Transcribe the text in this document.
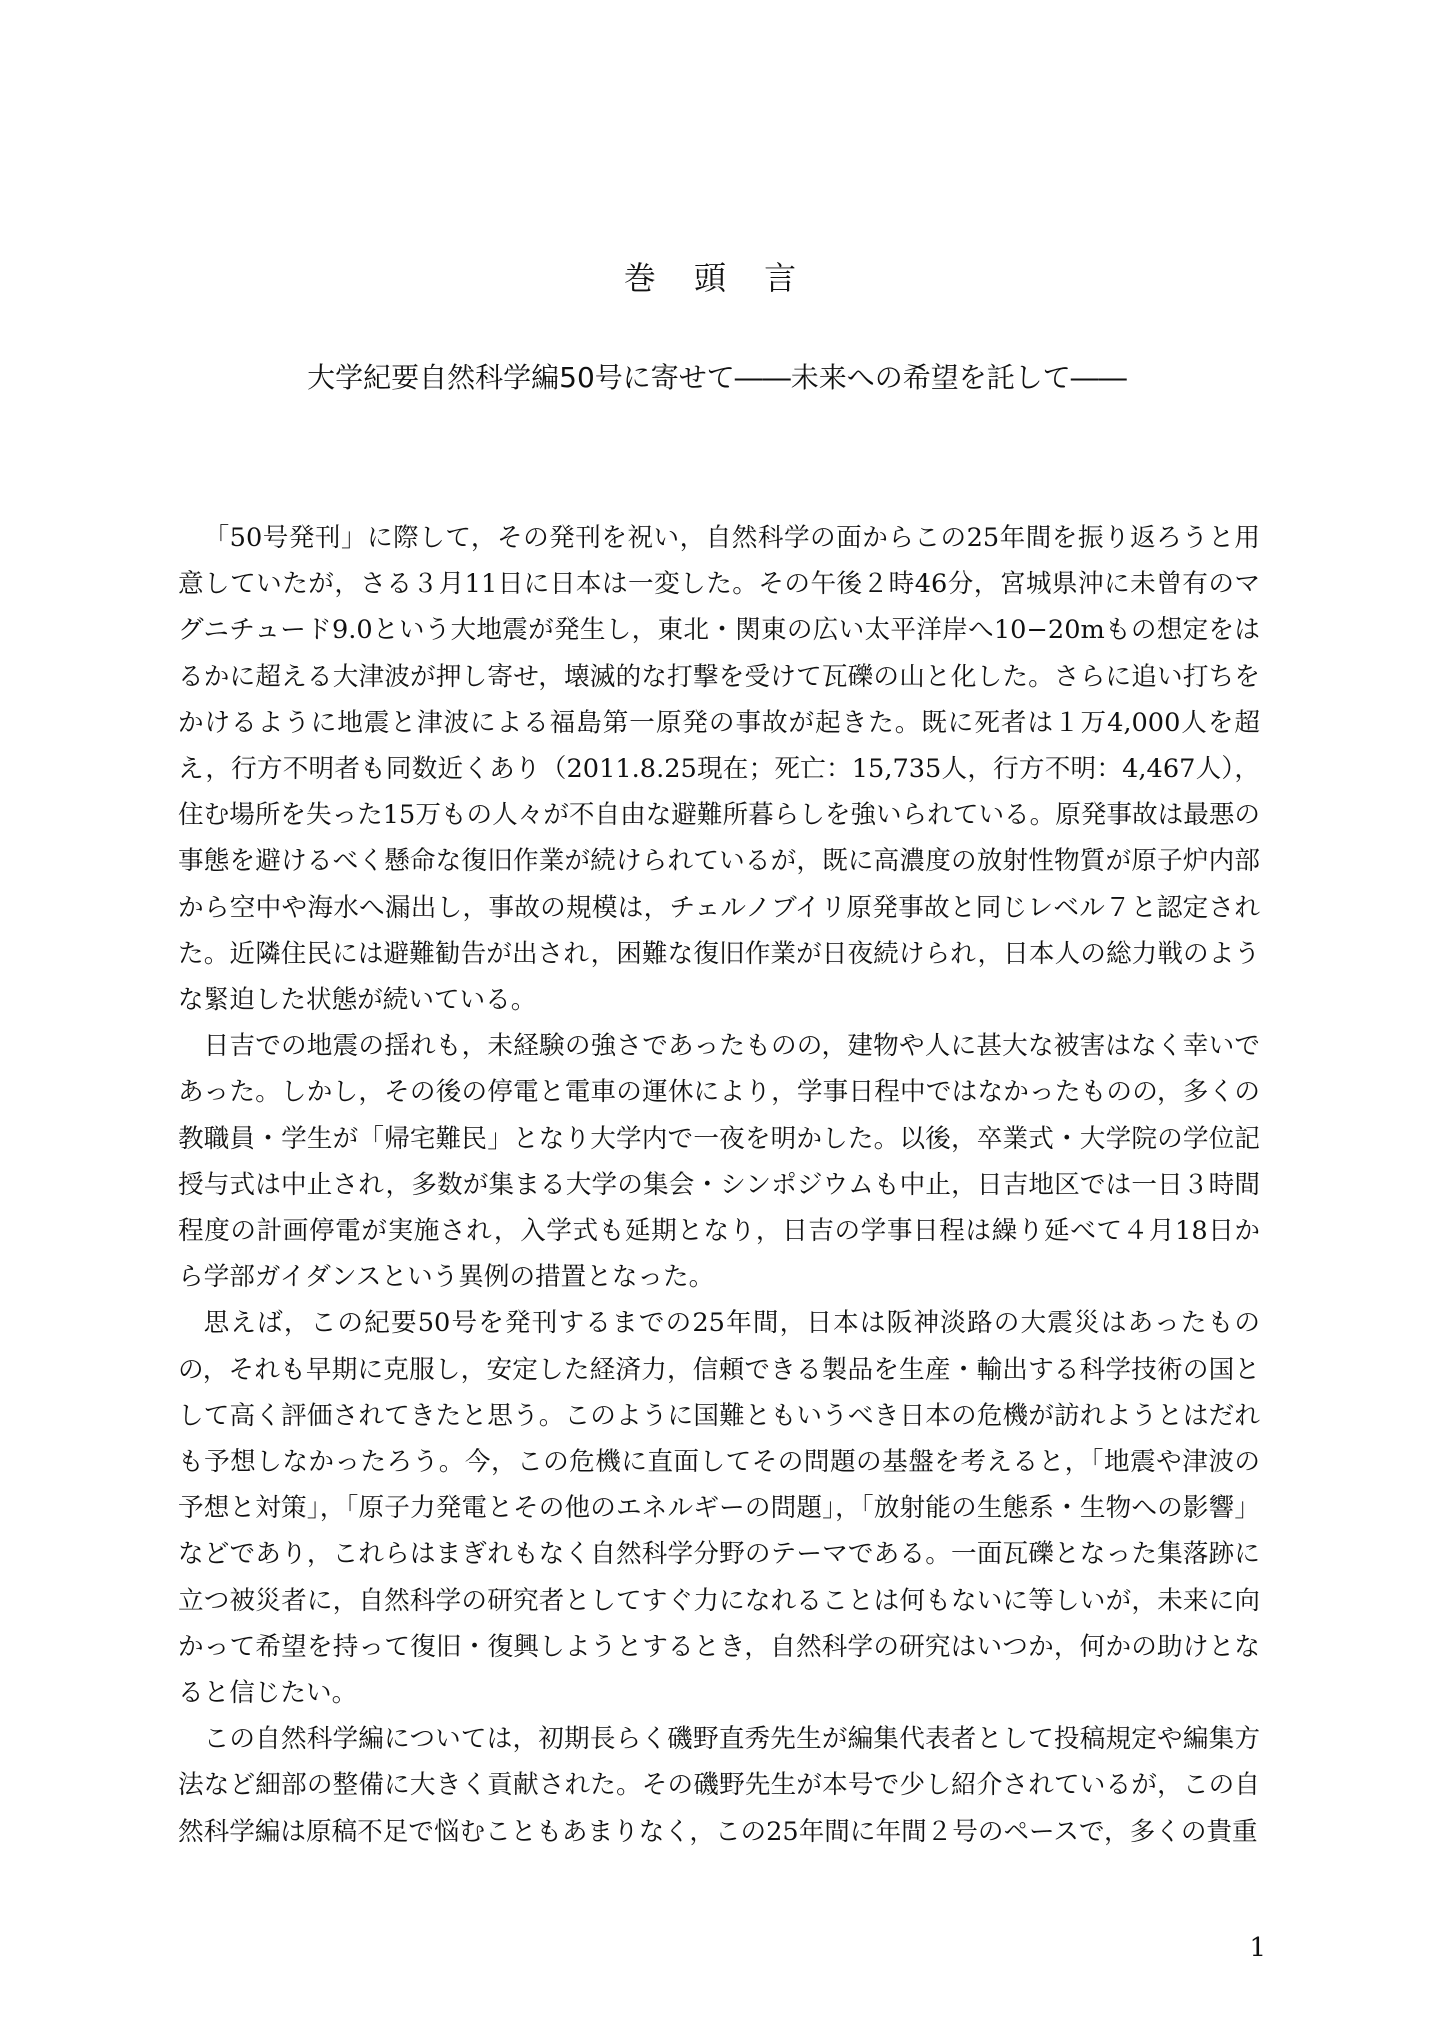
巻 頭 言
大学紀要自然科学編50号に寄せて――未来への希望を託して――

「50号発刊」に際して，その発刊を祝い，自然科学の面からこの25年間を振り返ろうと用意していたが，さる３月11日に日本は一変した。その午後２時46分，宮城県沖に未曾有のマグニチュード9.0という大地震が発生し，東北・関東の広い太平洋岸へ10−20mもの想定をはるかに超える大津波が押し寄せ，壊滅的な打撃を受けて瓦礫の山と化した。さらに追い打ちをかけるように地震と津波による福島第一原発の事故が起きた。既に死者は１万4,000人を超え，行方不明者も同数近くあり（2011.8.25現在；死亡：15,735人，行方不明：4,467人），住む場所を失った15万もの人々が不自由な避難所暮らしを強いられている。原発事故は最悪の事態を避けるべく懸命な復旧作業が続けられているが，既に高濃度の放射性物質が原子炉内部から空中や海水へ漏出し，事故の規模は，チェルノブイリ原発事故と同じレベル７と認定された。近隣住民には避難勧告が出され，困難な復旧作業が日夜続けられ，日本人の総力戦のような緊迫した状態が続いている。

日吉での地震の揺れも，未経験の強さであったものの，建物や人に甚大な被害はなく幸いであった。しかし，その後の停電と電車の運休により，学事日程中ではなかったものの，多くの教職員・学生が「帰宅難民」となり大学内で一夜を明かした。以後，卒業式・大学院の学位記授与式は中止され，多数が集まる大学の集会・シンポジウムも中止，日吉地区では一日３時間程度の計画停電が実施され，入学式も延期となり，日吉の学事日程は繰り延べて４月18日から学部ガイダンスという異例の措置となった。

思えば，この紀要50号を発刊するまでの25年間，日本は阪神淡路の大震災はあったものの，それも早期に克服し，安定した経済力，信頼できる製品を生産・輸出する科学技術の国として高く評価されてきたと思う。このように国難ともいうべき日本の危機が訪れようとはだれも予想しなかったろう。今，この危機に直面してその問題の基盤を考えると，「地震や津波の予想と対策」，「原子力発電とその他のエネルギーの問題」，「放射能の生態系・生物への影響」などであり，これらはまぎれもなく自然科学分野のテーマである。一面瓦礫となった集落跡に立つ被災者に，自然科学の研究者としてすぐ力になれることは何もないに等しいが，未来に向かって希望を持って復旧・復興しようとするとき，自然科学の研究はいつか，何かの助けとなると信じたい。

この自然科学編については，初期長らく磯野直秀先生が編集代表者として投稿規定や編集方法など細部の整備に大きく貢献された。その磯野先生が本号で少し紹介されているが，この自然科学編は原稿不足で悩むこともあまりなく，この25年間に年間２号のペースで，多くの貴重

1
